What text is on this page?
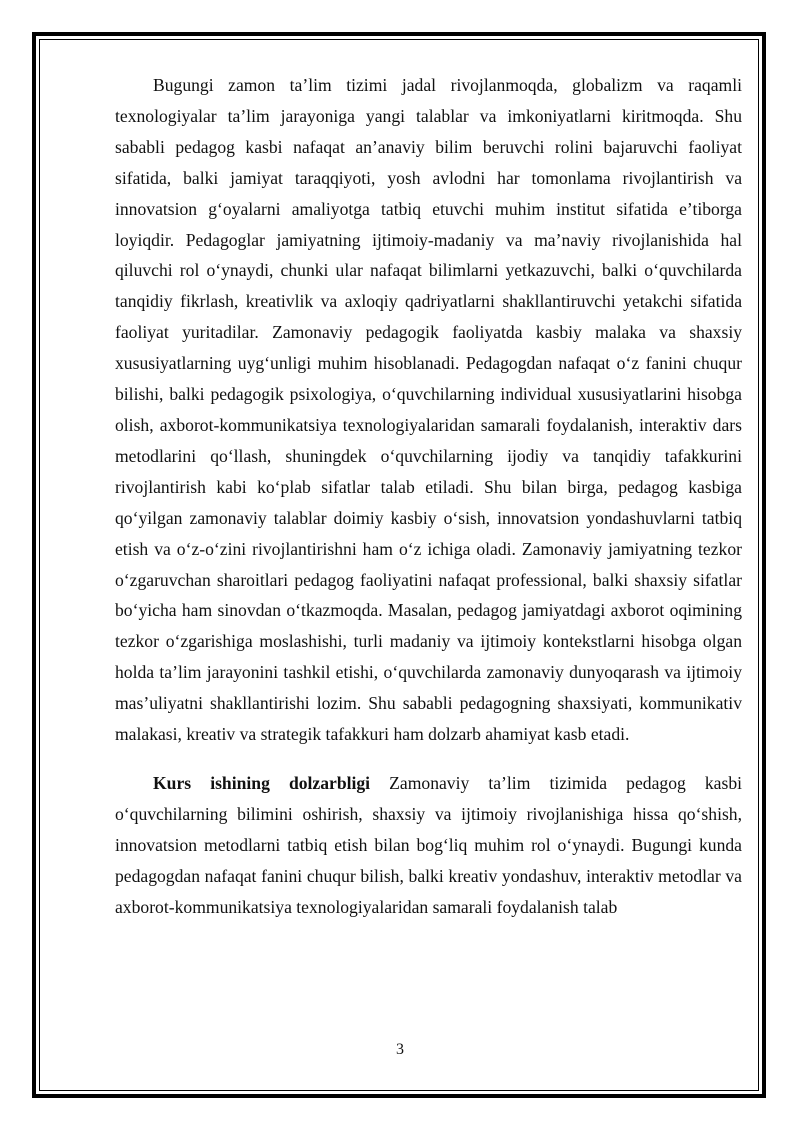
Bugungi zamon ta’lim tizimi jadal rivojlanmoqda, globalizm va raqamli texnologiyalar ta’lim jarayoniga yangi talablar va imkoniyatlarni kiritmoqda. Shu sababli pedagog kasbi nafaqat an’anaviy bilim beruvchi rolini bajaruvchi faoliyat sifatida, balki jamiyat taraqqiyoti, yosh avlodni har tomonlama rivojlantirish va innovatsion g‘oyalarni amaliyotga tatbiq etuvchi muhim institut sifatida e’tiborga loyiqdir. Pedagoglar jamiyatning ijtimoiy-madaniy va ma’naviy rivojlanishida hal qiluvchi rol o‘ynaydi, chunki ular nafaqat bilimlarni yetkazuvchi, balki o‘quvchilarda tanqidiy fikrlash, kreativlik va axloqiy qadriyatlarni shakllantiruvchi yetakchi sifatida faoliyat yuritadilar. Zamonaviy pedagogik faoliyatda kasbiy malaka va shaxsiy xususiyatlarning uyg‘unligi muhim hisoblanadi. Pedagogdan nafaqat o‘z fanini chuqur bilishi, balki pedagogik psixologiya, o‘quvchilarning individual xususiyatlarini hisobga olish, axborot-kommunikatsiya texnologiyalaridan samarali foydalanish, interaktiv dars metodlarini qo‘llash, shuningdek o‘quvchilarning ijodiy va tanqidiy tafakkurini rivojlantirish kabi ko‘plab sifatlar talab etiladi. Shu bilan birga, pedagog kasbiga qo‘yilgan zamonaviy talablar doimiy kasbiy o‘sish, innovatsion yondashuvlarni tatbiq etish va o‘z-o‘zini rivojlantirishni ham o‘z ichiga oladi. Zamonaviy jamiyatning tezkor o‘zgaruvchan sharoitlari pedagog faoliyatini nafaqat professional, balki shaxsiy sifatlar bo‘yicha ham sinovdan o‘tkazmoqda. Masalan, pedagog jamiyatdagi axborot oqimining tezkor o‘zgarishiga moslashishi, turli madaniy va ijtimoiy kontekstlarni hisobga olgan holda ta’lim jarayonini tashkil etishi, o‘quvchilarda zamonaviy dunyoqarash va ijtimoiy mas’uliyatni shakllantirishi lozim. Shu sababli pedagogning shaxsiyati, kommunikativ malakasi, kreativ va strategik tafakkuri ham dolzarb ahamiyat kasb etadi.

Kurs ishining dolzarbligi Zamonaviy ta’lim tizimida pedagog kasbi o‘quvchilarning bilimini oshirish, shaxsiy va ijtimoiy rivojlanishiga hissa qo‘shish, innovatsion metodlarni tatbiq etish bilan bog‘liq muhim rol o‘ynaydi. Bugungi kunda pedagogdan nafaqat fanini chuqur bilish, balki kreativ yondashuv, interaktiv metodlar va axborot-kommunikatsiya texnologiyalaridan samarali foydalanish talab

3
